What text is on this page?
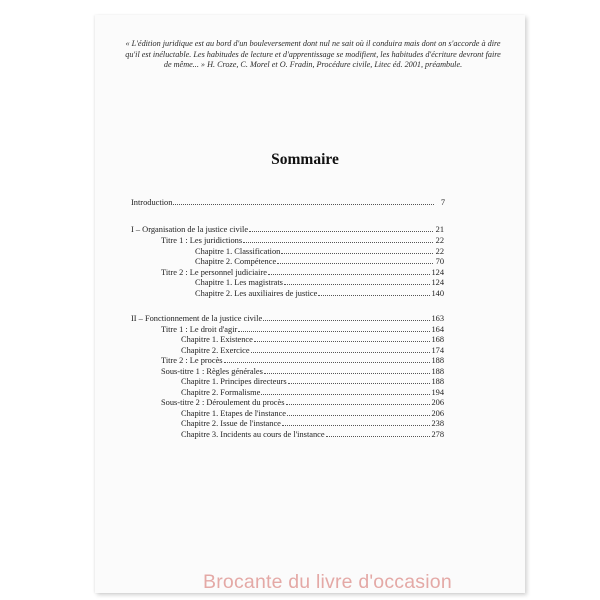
« L'édition juridique est au bord d'un bouleversement dont nul ne sait où il conduira mais dont on s'accorde à dire qu'il est inéluctable. Les habitudes de lecture et d'apprentissage se modifient, les habitudes d'écriture devront faire de même... » H. Croze, C. Morel et O. Fradin, Procédure civile, Litec éd. 2001, préambule.
Sommaire
Introduction	7
I – Organisation de la justice civile	21
Titre 1 : Les juridictions	22
Chapitre 1. Classification	22
Chapitre 2. Compétence	70
Titre 2 : Le personnel judiciaire	124
Chapitre 1. Les magistrats	124
Chapitre 2. Les auxiliaires de justice	140
II – Fonctionnement de la justice civile	163
Titre 1 : Le droit d'agir	164
Chapitre 1. Existence	168
Chapitre 2. Exercice	174
Titre 2 : Le procès	188
Sous-titre 1 : Règles générales	188
Chapitre 1. Principes directeurs	188
Chapitre 2. Formalisme	194
Sous-titre 2 : Déroulement du procès	206
Chapitre 1. Etapes de l'instance	206
Chapitre 2. Issue de l'instance	238
Chapitre 3. Incidents au cours de l'instance	278
Brocante du livre d'occasion
